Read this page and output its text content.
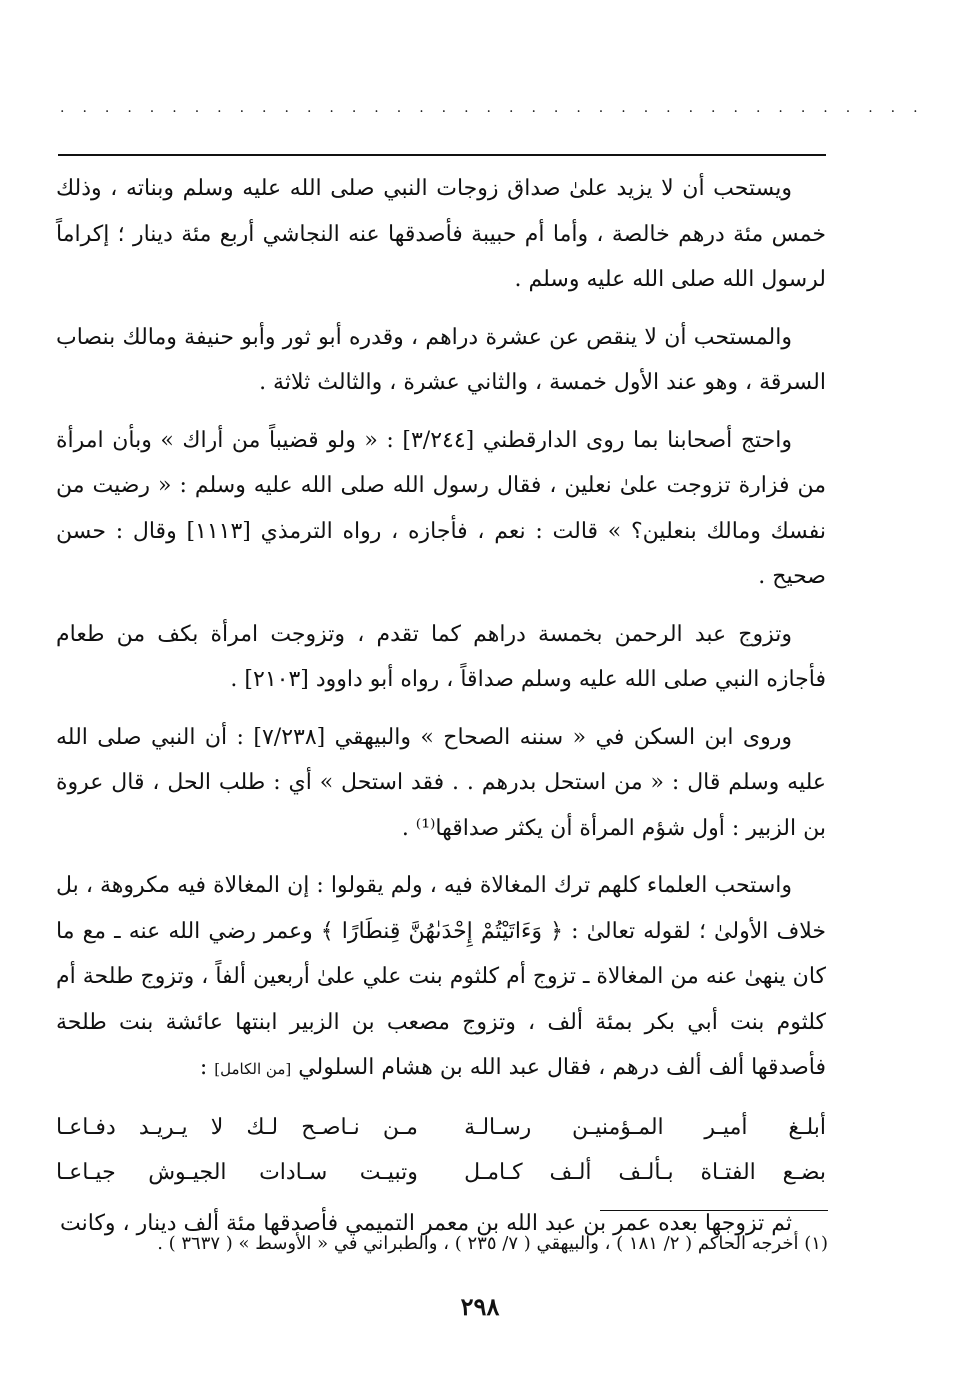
.......................................

ويستحب أن لا يزيد علىٰ صداق زوجات النبي صلى الله عليه وسلم وبناته ، وذلك خمس مئة درهم خالصة ، وأما أم حبيبة فأصدقها عنه النجاشي أربع مئة دينار ؛ إكراماً لرسول الله صلى الله عليه وسلم .

والمستحب أن لا ينقص عن عشرة دراهم ، وقدره أبو ثور وأبو حنيفة ومالك بنصاب السرقة ، وهو عند الأول خمسة ، والثاني عشرة ، والثالث ثلاثة .

واحتج أصحابنا بما روى الدارقطني [٣/٢٤٤] : « ولو قضيباً من أراك » وبأن امرأة من فزارة تزوجت علىٰ نعلين ، فقال رسول الله صلى الله عليه وسلم : « رضيت من نفسك ومالك بنعلين؟ » قالت : نعم ، فأجازه ، رواه الترمذي [١١١٣] وقال : حسن صحيح .

وتزوج عبد الرحمن بخمسة دراهم كما تقدم ، وتزوجت امرأة بكف من طعام فأجازه النبي صلى الله عليه وسلم صداقاً ، رواه أبو داوود [٢١٠٣] .

وروى ابن السكن في « سننه الصحاح » والبيهقي [٧/٢٣٨] : أن النبي صلى الله عليه وسلم قال : « من استحل بدرهم . . فقد استحل » أي : طلب الحل ، قال عروة بن الزبير : أول شؤم المرأة أن يكثر صداقها⁽¹⁾ .

واستحب العلماء كلهم ترك المغالاة فيه ، ولم يقولوا : إن المغالاة فيه مكروهة ، بل خلاف الأولىٰ ؛ لقوله تعالىٰ : ﴿ وَءَاتَيْتُمْ إِحْدَىٰهُنَّ قِنطَارًا ﴾ وعمر رضي الله عنه ـ مع ما كان ينهىٰ عنه من المغالاة ـ تزوج أم كلثوم بنت علي علىٰ أربعين ألفاً ، وتزوج طلحة أم كلثوم بنت أبي بكر بمئة ألف ، وتزوج مصعب بن الزبير ابنتها عائشة بنت طلحة فأصدقها ألف ألف درهم ، فقال عبد الله بن هشام السلولي [من الكامل] :

أبلـغ أميـر المـؤمنيـن رسـالـة
مـن نـاصـح لـك لا يـريـد دفـاعـا
بضـع الفتـاة بـألـف ألـف كـامـل
وتبيـت سـادات الجيـوش جيـاعـا

ثم تزوجها بعده عمر بن عبد الله بن معمر التميمي فأصدقها مئة ألف دينار ، وكانت

(١) أخرجه الحاكم ( ٢/ ١٨١ ) ، والبيهقي ( ٧/ ٢٣٥ ) ، والطبراني في « الأوسط » ( ٣٦٣٧ ) .
٢٩٨
